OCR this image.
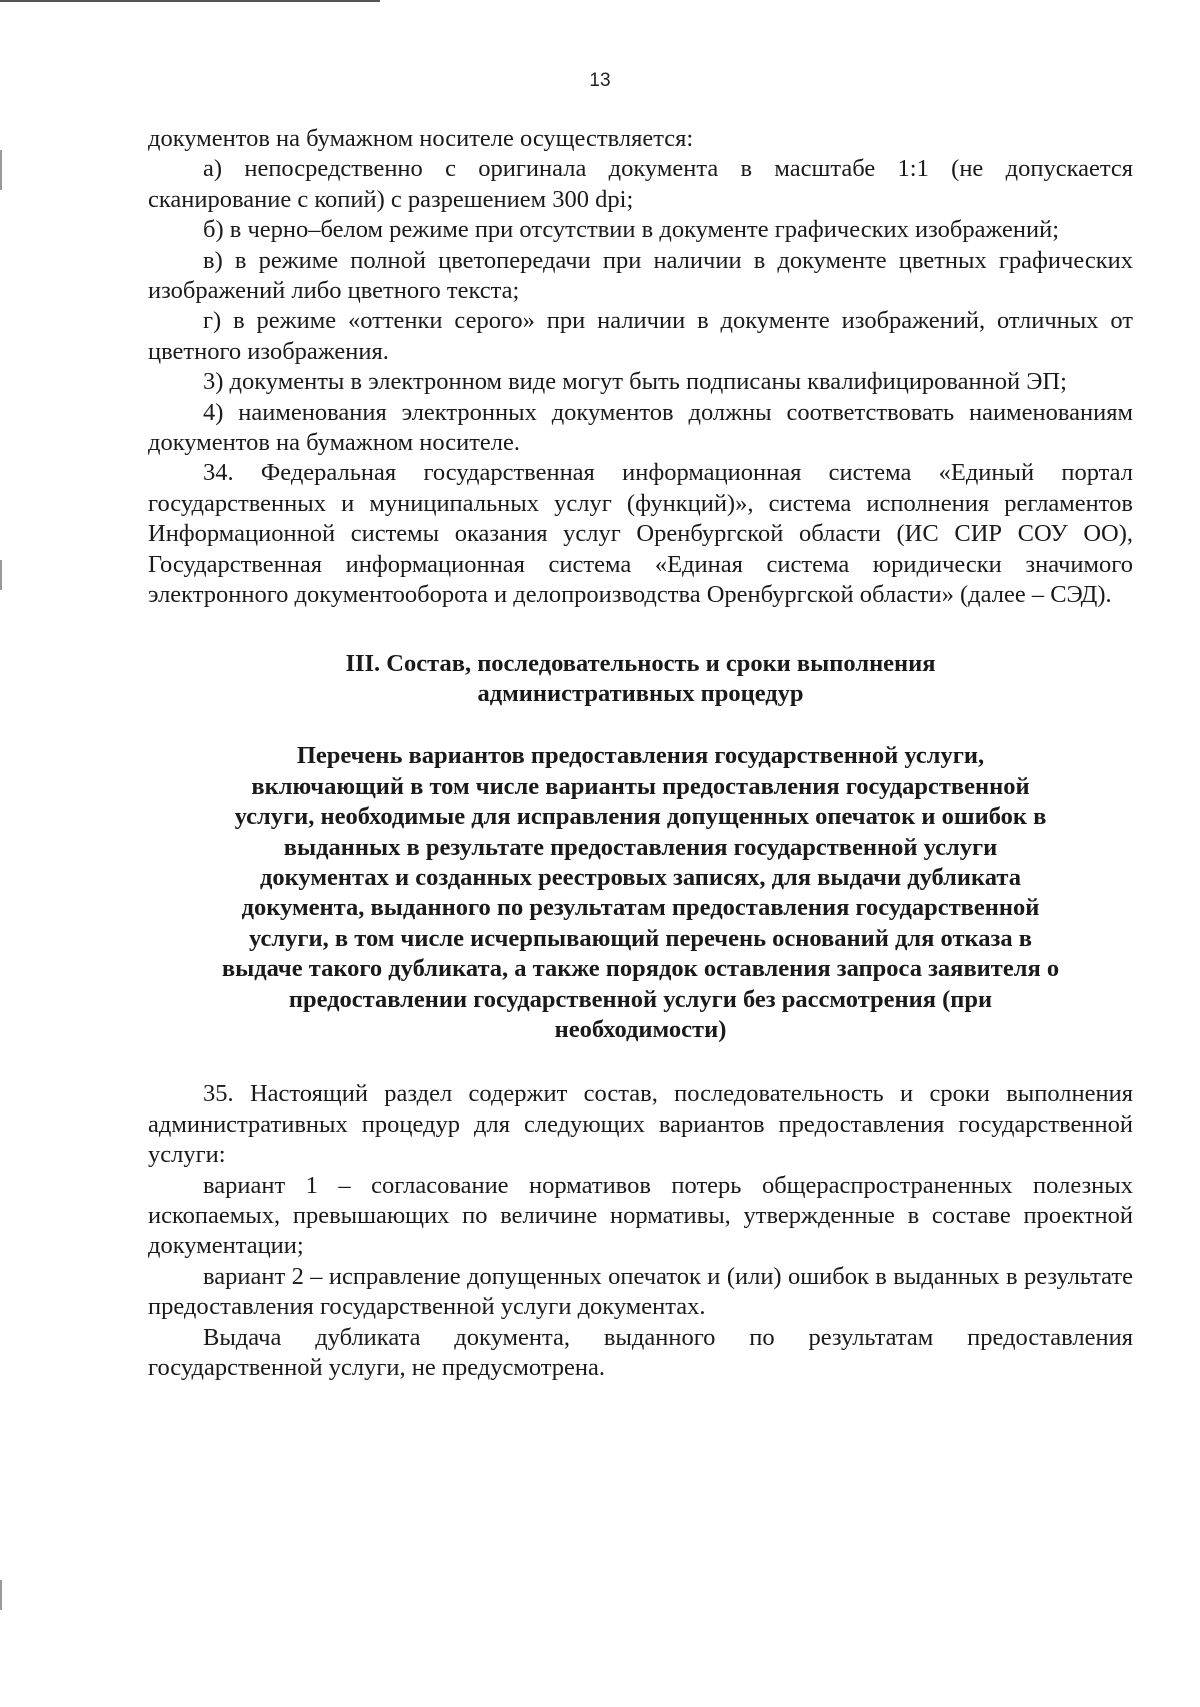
13

документов на бумажном носителе осуществляется:

а) непосредственно с оригинала документа в масштабе 1:1 (не допускается сканирование с копий) с разрешением 300 dpi;

б) в черно–белом режиме при отсутствии в документе графических изображений;

в) в режиме полной цветопередачи при наличии в документе цветных графических изображений либо цветного текста;

г) в режиме «оттенки серого» при наличии в документе изображений, отличных от цветного изображения.

3) документы в электронном виде могут быть подписаны квалифицированной ЭП;

4) наименования электронных документов должны соответствовать наименованиям документов на бумажном носителе.

34. Федеральная государственная информационная система «Единый портал государственных и муниципальных услуг (функций)», система исполнения регламентов Информационной системы оказания услуг Оренбургской области (ИС СИР СОУ ОО), Государственная информационная система «Единая система юридически значимого электронного документооборота и делопроизводства Оренбургской области» (далее – СЭД).

III. Состав, последовательность и сроки выполнения
административных процедур
Перечень вариантов предоставления государственной услуги,
включающий в том числе варианты предоставления государственной
услуги, необходимые для исправления допущенных опечаток и ошибок в
выданных в результате предоставления государственной услуги
документах и созданных реестровых записях, для выдачи дубликата
документа, выданного по результатам предоставления государственной
услуги, в том числе исчерпывающий перечень оснований для отказа в
выдаче такого дубликата, а также порядок оставления запроса заявителя о
предоставлении государственной услуги без рассмотрения (при
необходимости)

35. Настоящий раздел содержит состав, последовательность и сроки выполнения административных процедур для следующих вариантов предоставления государственной услуги:

вариант 1 – согласование нормативов потерь общераспространенных полезных ископаемых, превышающих по величине нормативы, утвержденные в составе проектной документации;

вариант 2 – исправление допущенных опечаток и (или) ошибок в выданных в результате предоставления государственной услуги документах.

Выдача дубликата документа, выданного по результатам предоставления государственной услуги, не предусмотрена.
